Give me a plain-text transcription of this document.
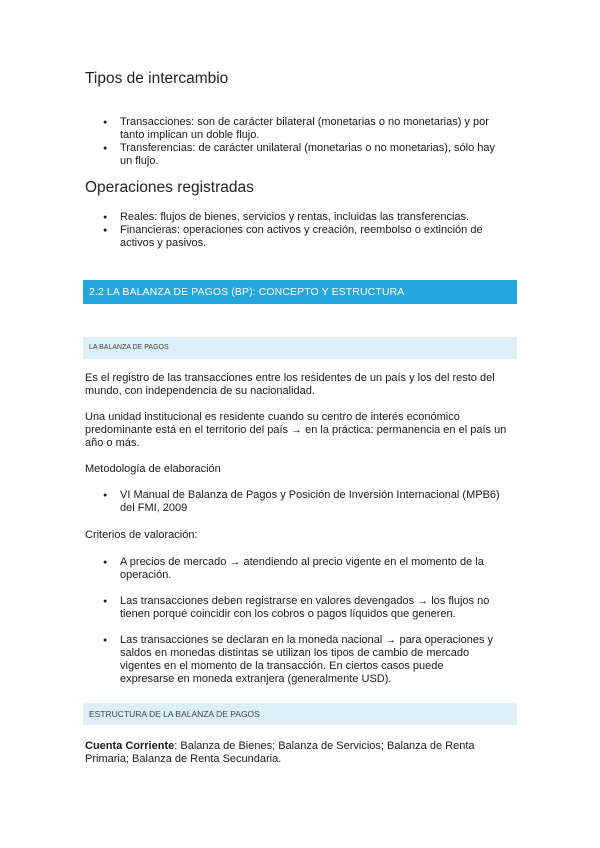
Tipos de intercambio
● Transacciones: son de carácter bilateral (monetarias o no monetarias) y por tanto implican un doble flujo.
● Transferencias: de carácter unilateral (monetarias o no monetarias), sólo hay un flujo.
Operaciones registradas
● Reales: flujos de bienes, servicios y rentas, incluidas las transferencias.
● Financieras: operaciones con activos y creación, reembolso o extinción de activos y pasivos.
2.2 LA BALANZA DE PAGOS (BP): CONCEPTO Y ESTRUCTURA
LA BALANZA DE PAGOS

Es el registro de las transacciones entre los residentes de un país y los del resto del mundo, con independencia de su nacionalidad.

Una unidad institucional es residente cuando su centro de interés económico predominante está en el territorio del país → en la práctica: permanencia en el país un año o más.

Metodología de elaboración

● VI Manual de Balanza de Pagos y Posición de Inversión Internacional (MPB6) del FMI, 2009

Criterios de valoración:

● A precios de mercado → atendiendo al precio vigente en el momento de la operación.
● Las transacciones deben registrarse en valores devengados → los flujos no tienen porqué coincidir con los cobros o pagos líquidos que generen.
● Las transacciones se declaran en la moneda nacional → para operaciones y saldos en monedas distintas se utilizan los tipos de cambio de mercado vigentes en el momento de la transacción. En ciertos casos puede expresarse en moneda extranjera (generalmente USD).
ESTRUCTURA DE LA BALANZA DE PAGOS

Cuenta Corriente: Balanza de Bienes; Balanza de Servicios; Balanza de Renta Primaria; Balanza de Renta Secundaria.
